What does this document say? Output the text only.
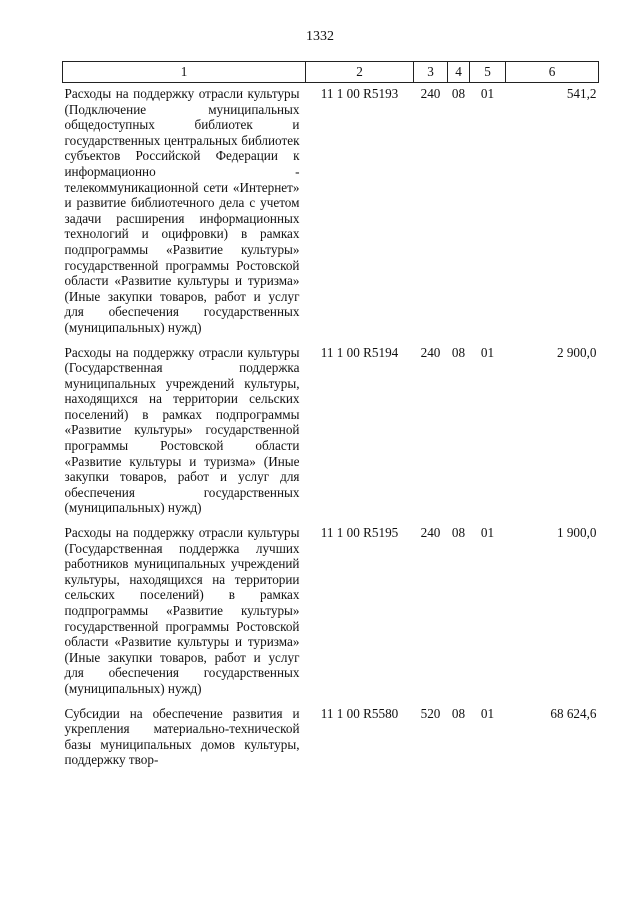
1332
1	2	3	4	5	6

Расходы на поддержку отрасли культуры (Подключение муниципальных общедоступных библиотек и государственных центральных библиотек субъектов Российской Федерации к информационно - телекоммуникационной сети «Интернет» и развитие библиотечного дела с учетом задачи расширения информационных технологий и оцифровки) в рамках подпрограммы «Развитие культуры» государственной программы Ростовской области «Развитие культуры и туризма» (Иные закупки товаров, работ и услуг для обеспечения государственных (муниципальных) нужд)	11 1 00 R5193	240	08	01	541,2

Расходы на поддержку отрасли культуры (Государственная поддержка муниципальных учреждений культуры, находящихся на территории сельских поселений) в рамках подпрограммы «Развитие культуры» государственной программы Ростовской области «Развитие культуры и туризма» (Иные закупки товаров, работ и услуг для обеспечения государственных (муниципальных) нужд)	11 1 00 R5194	240	08	01	2 900,0

Расходы на поддержку отрасли культуры (Государственная поддержка лучших работников муниципальных учреждений культуры, находящихся на территории сельских поселений) в рамках подпрограммы «Развитие культуры» государственной программы Ростовской области «Развитие культуры и туризма» (Иные закупки товаров, работ и услуг для обеспечения государственных (муниципальных) нужд)	11 1 00 R5195	240	08	01	1 900,0

Субсидии на обеспечение развития и укрепления материально-технической базы муниципальных домов культуры, поддержку твор-	11 1 00 R5580	520	08	01	68 624,6
